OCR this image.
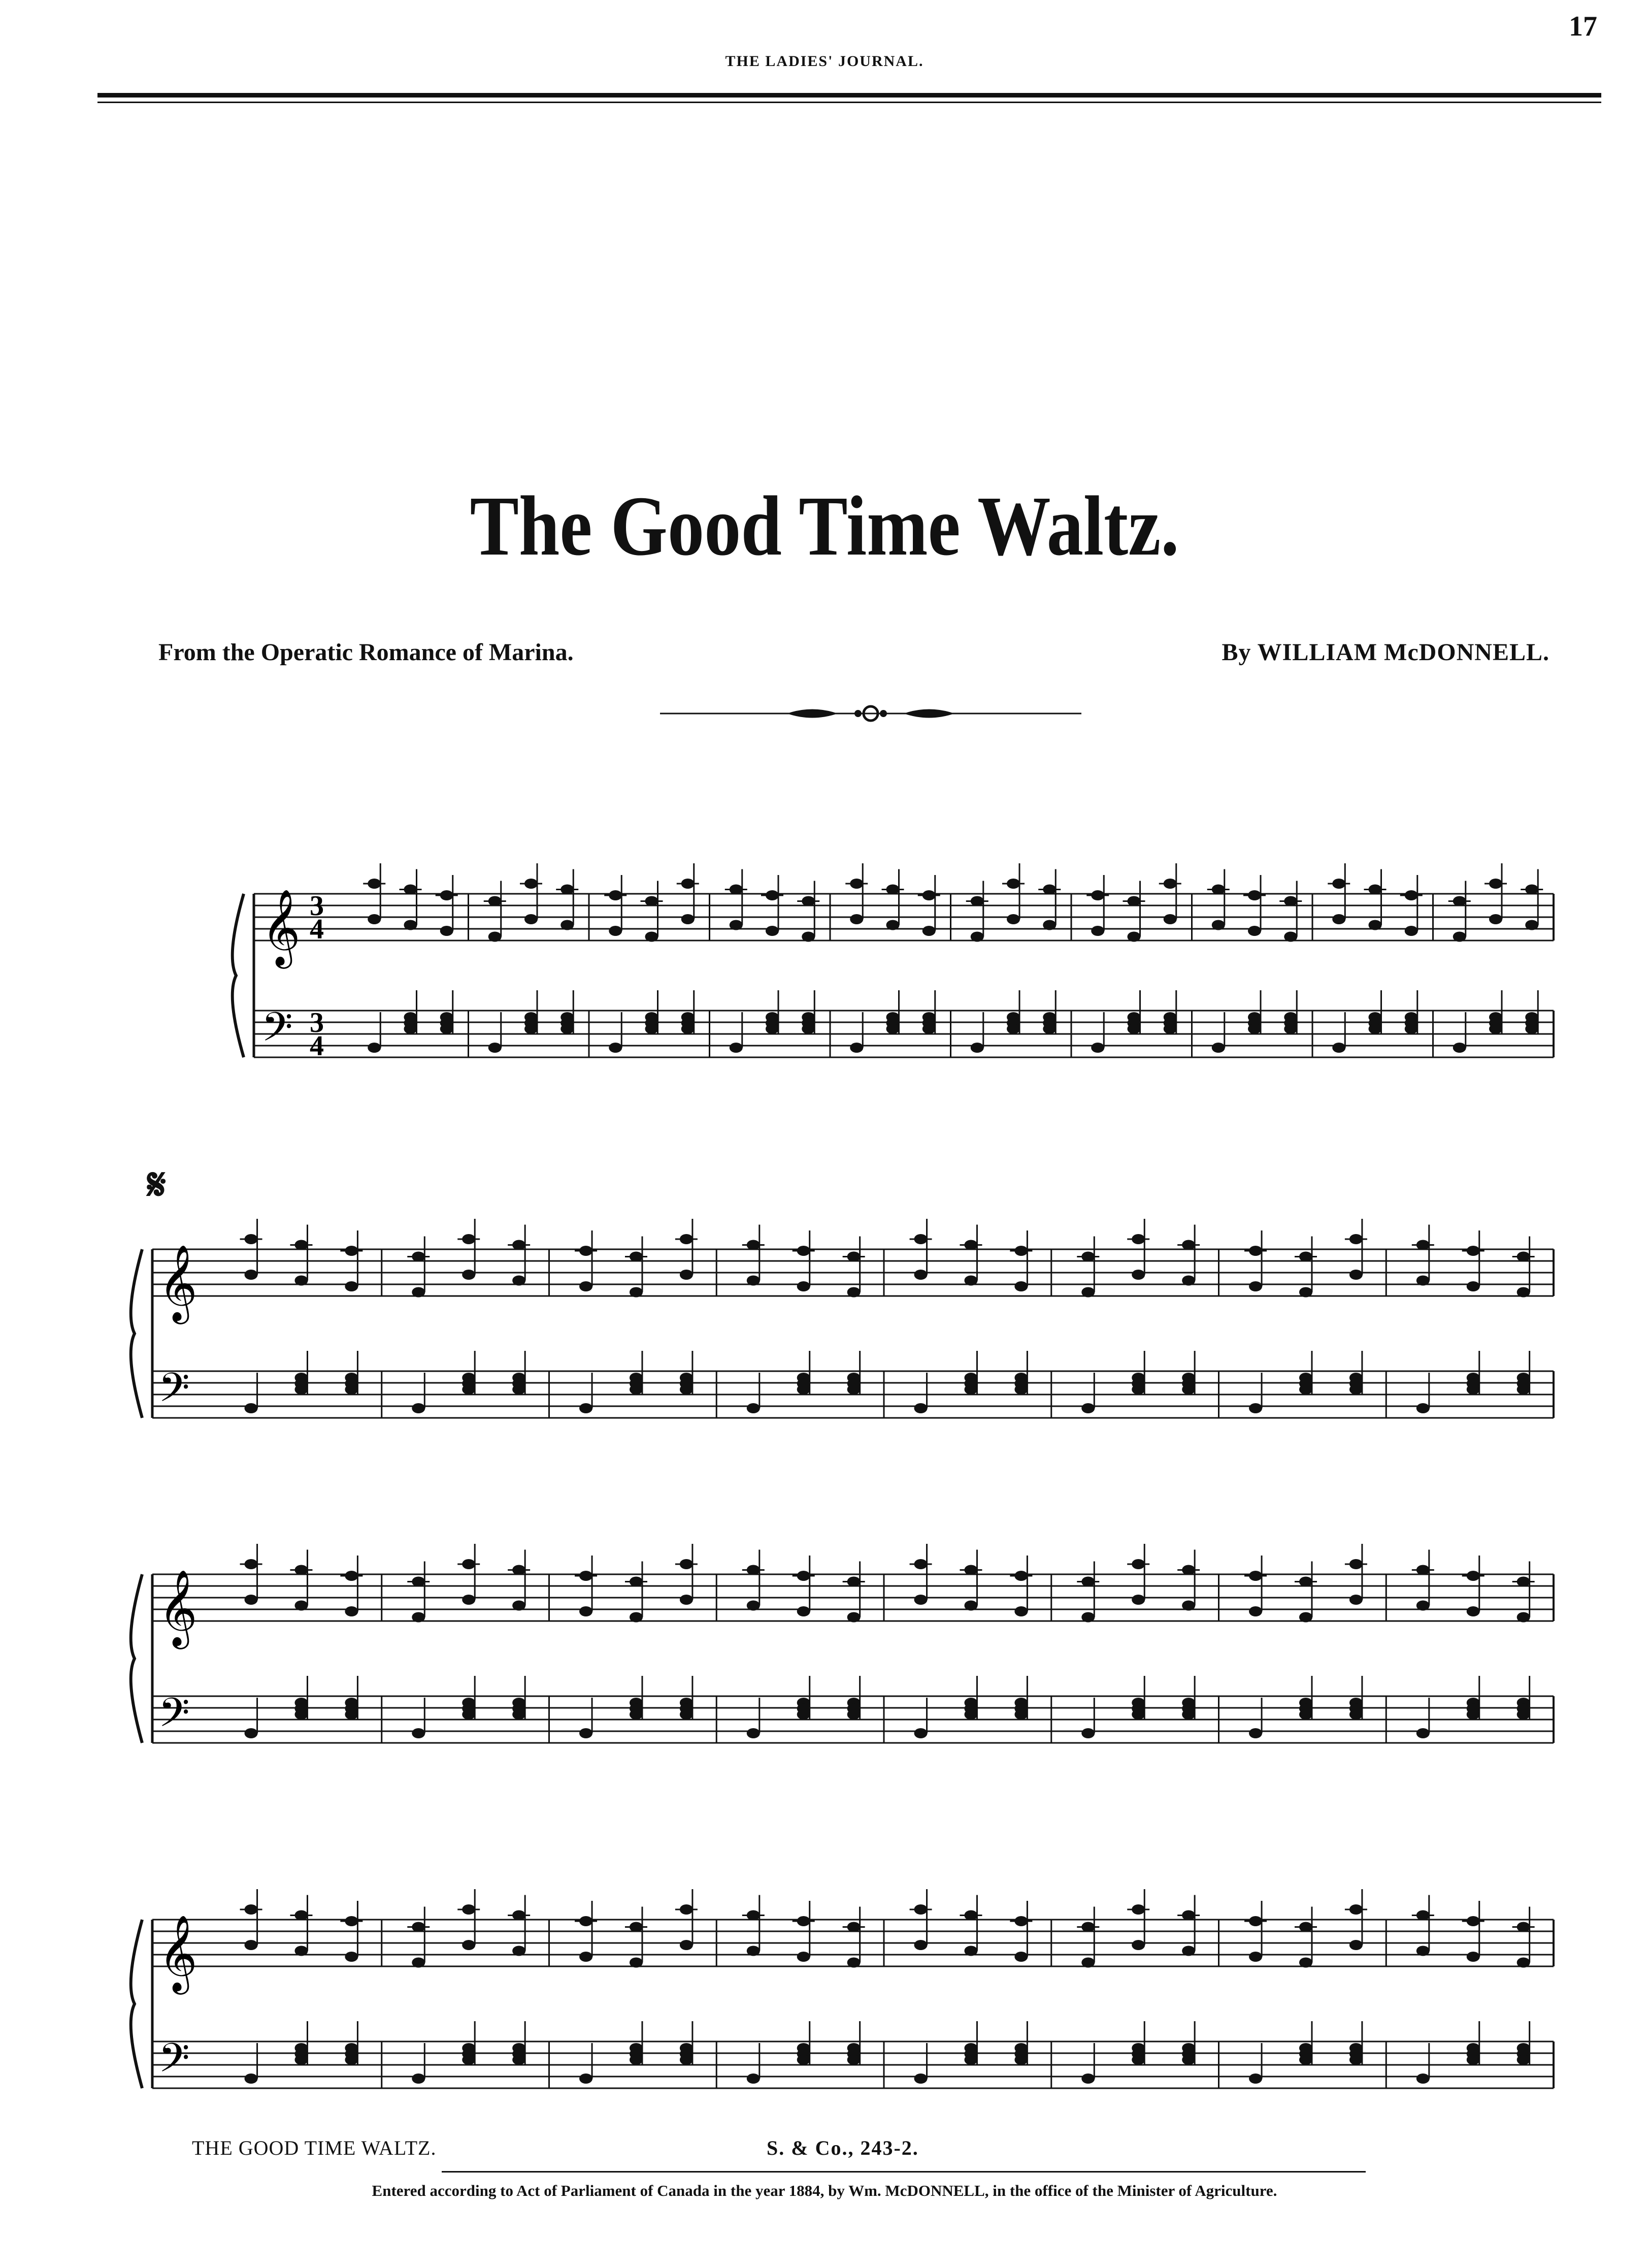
17
THE LADIES' JOURNAL.
The Good Time Waltz.
From the Operatic Romance of Marina.	By WILLIAM McDONNELL.
𝄋
𝄞
𝄢
3
4
3
4
𝄞
𝄢
𝄞
𝄢
𝄞
𝄢
THE GOOD TIME WALTZ.	S. & Co., 243-2.
Entered according to Act of Parliament of Canada in the year 1884, by Wm. McDONNELL, in the office of the Minister of Agriculture.
